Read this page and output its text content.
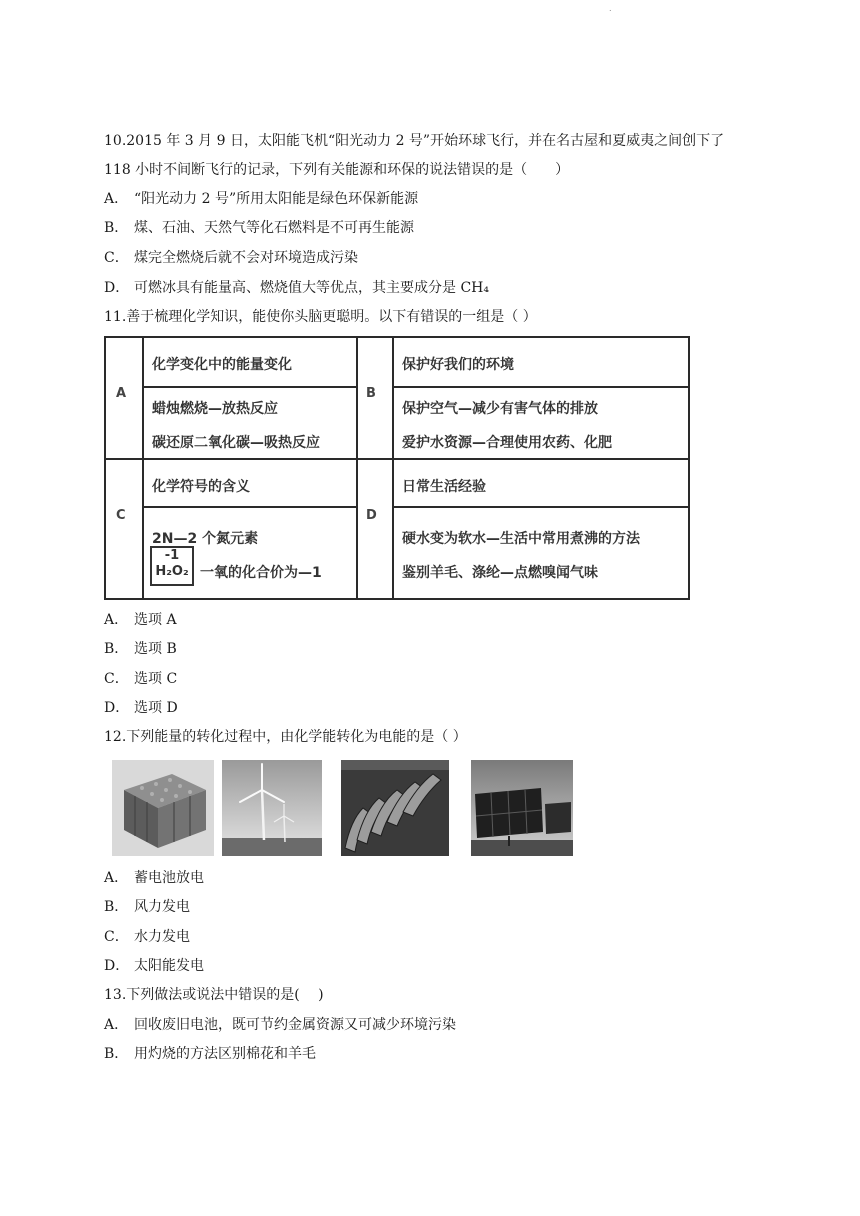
.
10.2015 年 3 月 9 日，太阳能飞机“阳光动力 2 号”开始环球飞行，并在名古屋和夏威夷之间创下了
118 小时不间断飞行的记录，下列有关能源和环保的说法错误的是（　　）
A． “阳光动力 2 号”所用太阳能是绿色环保新能源
B． 煤、石油、天然气等化石燃料是不可再生能源
C． 煤完全燃烧后就不会对环境造成污染
D． 可燃冰具有能量高、燃烧值大等优点，其主要成分是 CH₄
11.善于梳理化学知识，能使你头脑更聪明。以下有错误的一组是（ ）
A
化学变化中的能量变化
蜡烛燃烧—放热反应
碳还原二氧化碳—吸热反应
B
保护好我们的环境
保护空气—减少有害气体的排放
爱护水资源—合理使用农药、化肥
C
化学符号的含义
2N—2 个氮元素
-1
H₂O₂ 一氧的化合价为—1
D
日常生活经验
硬水变为软水—生活中常用煮沸的方法
鉴别羊毛、涤纶—点燃嗅闻气味
A． 选项 A
B． 选项 B
C． 选项 C
D． 选项 D
12.下列能量的转化过程中，由化学能转化为电能的是（ ）
A． 蓄电池放电
B． 风力发电
C． 水力发电
D． 太阳能发电
13.下列做法或说法中错误的是(　 )
A． 回收废旧电池，既可节约金属资源又可减少环境污染
B． 用灼烧的方法区别棉花和羊毛
